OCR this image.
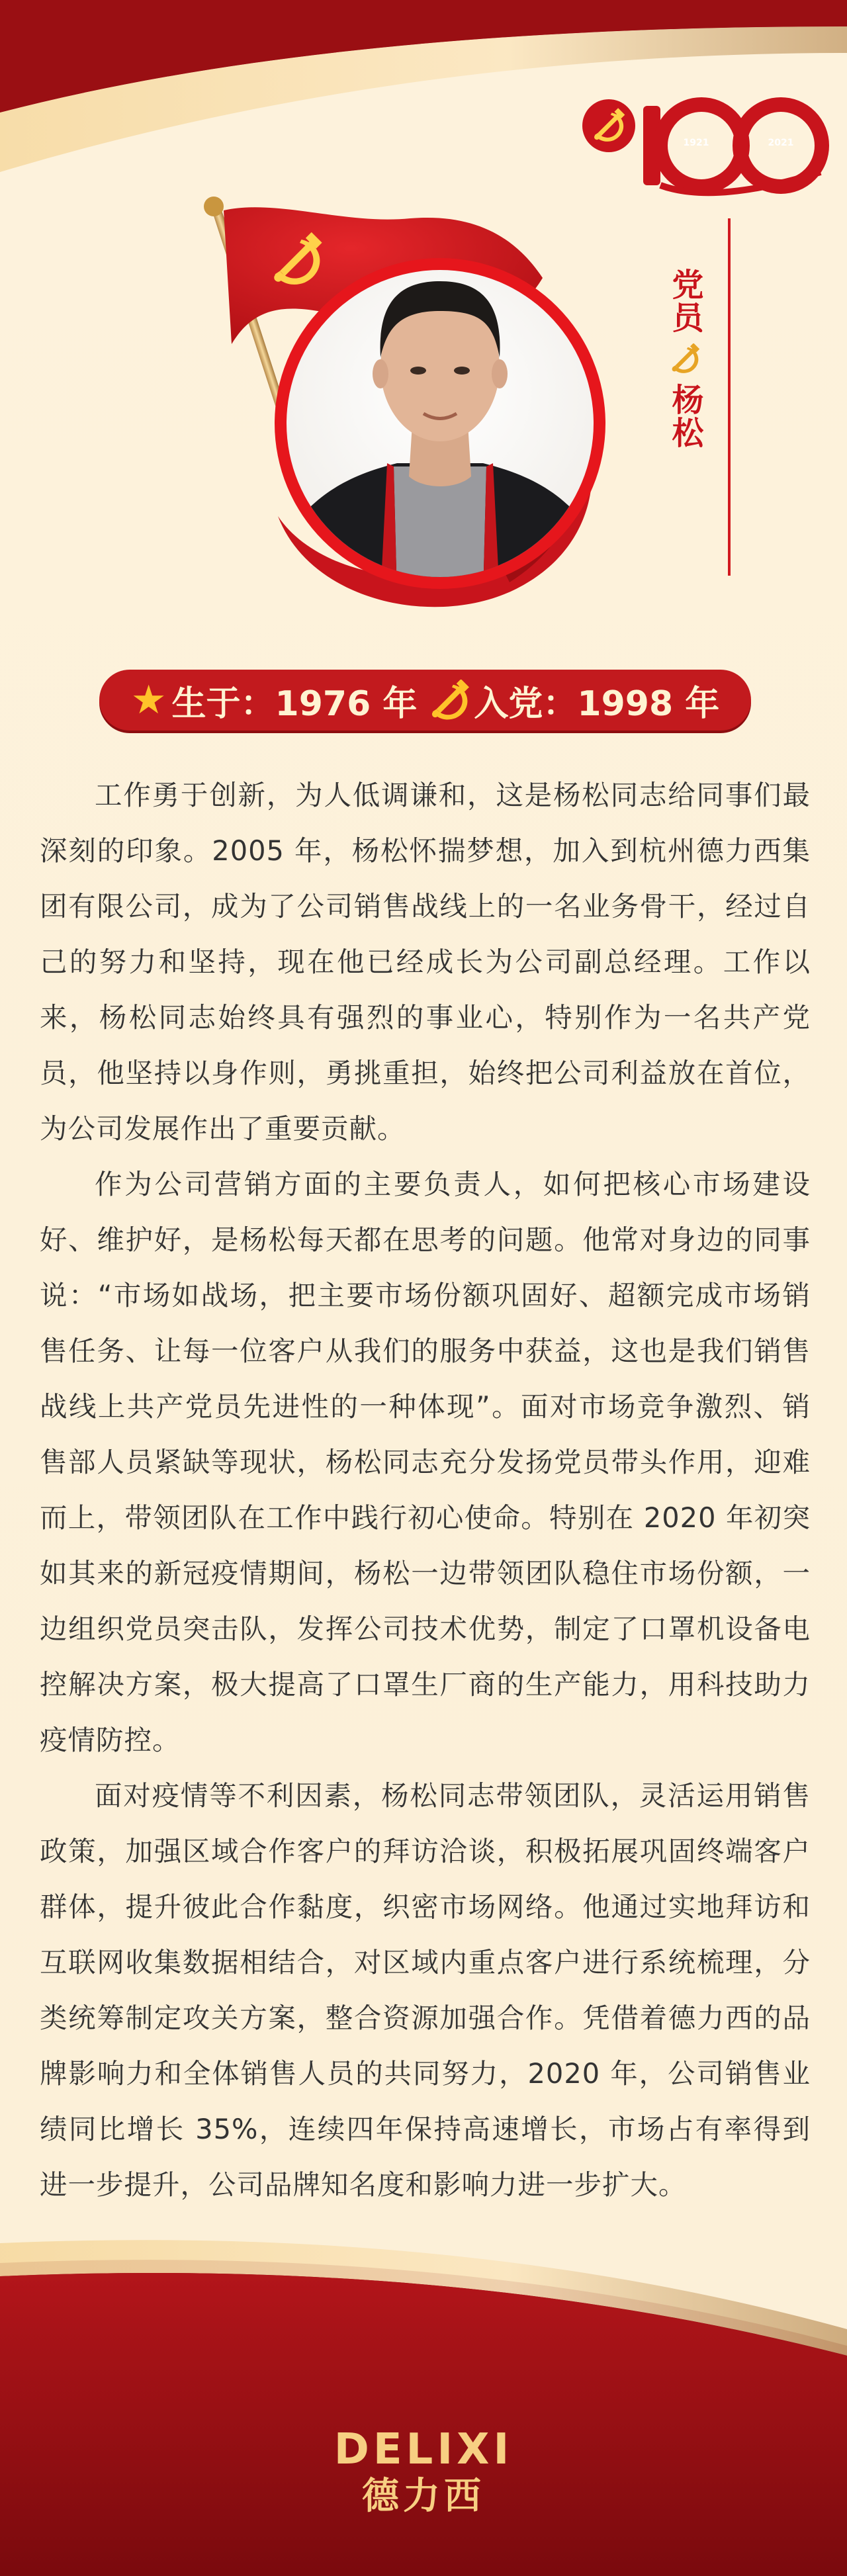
党员
杨松
★ 生于： 1976 年 入党： 1998 年

工作勇于创新，为人低调谦和，这是杨松同志给同事们最深刻的印象。2005 年，杨松怀揣梦想，加入到杭州德力西集团有限公司，成为了公司销售战线上的一名业务骨干，经过自己的努力和坚持，现在他已经成长为公司副总经理。工作以来，杨松同志始终具有强烈的事业心，特别作为一名共产党员，他坚持以身作则，勇挑重担，始终把公司利益放在首位，为公司发展作出了重要贡献。

作为公司营销方面的主要负责人，如何把核心市场建设好、维护好，是杨松每天都在思考的问题。他常对身边的同事说：“市场如战场，把主要市场份额巩固好、超额完成市场销售任务、让每一位客户从我们的服务中获益，这也是我们销售战线上共产党员先进性的一种体现”。面对市场竞争激烈、销售部人员紧缺等现状，杨松同志充分发扬党员带头作用，迎难而上，带领团队在工作中践行初心使命。特别在 2020 年初突如其来的新冠疫情期间，杨松一边带领团队稳住市场份额，一边组织党员突击队，发挥公司技术优势，制定了口罩机设备电控解决方案，极大提高了口罩生厂商的生产能力，用科技助力疫情防控。

面对疫情等不利因素，杨松同志带领团队，灵活运用销售政策，加强区域合作客户的拜访洽谈，积极拓展巩固终端客户群体，提升彼此合作黏度，织密市场网络。他通过实地拜访和互联网收集数据相结合，对区域内重点客户进行系统梳理，分类统筹制定攻关方案，整合资源加强合作。凭借着德力西的品牌影响力和全体销售人员的共同努力，2020 年，公司销售业绩同比增长 35%，连续四年保持高速增长，市场占有率得到进一步提升，公司品牌知名度和影响力进一步扩大。

DELIXI
德力西
1921	2021
